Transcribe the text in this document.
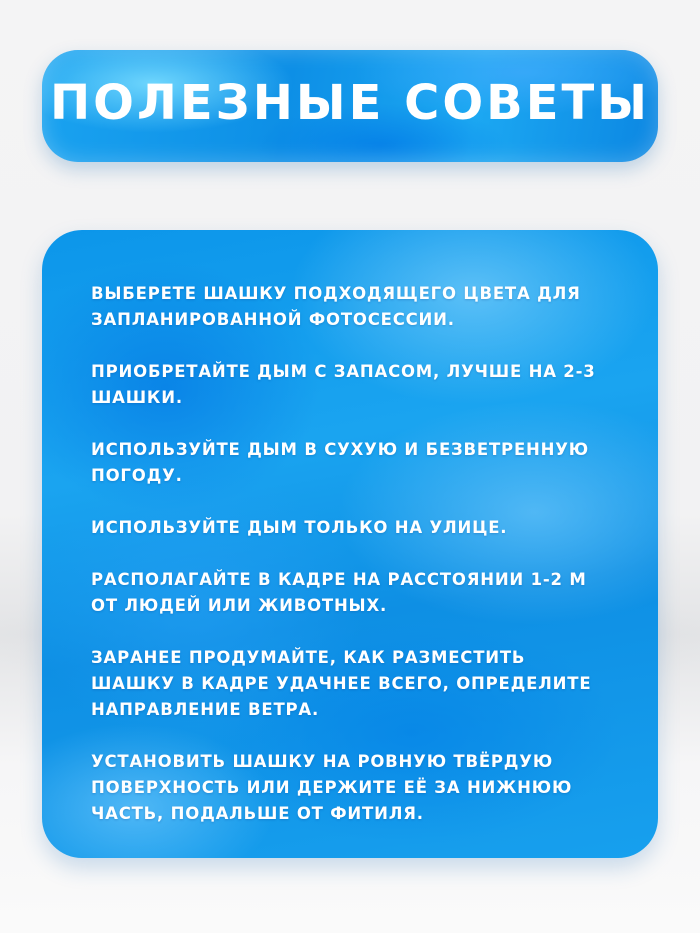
ПОЛЕЗНЫЕ СОВЕТЫ
ВЫБЕРЕТЕ ШАШКУ ПОДХОДЯЩЕГО ЦВЕТА ДЛЯ ЗАПЛАНИРОВАННОЙ ФОТОСЕССИИ.
ПРИОБРЕТАЙТЕ ДЫМ С ЗАПАСОМ, ЛУЧШЕ НА 2-3 ШАШКИ.
ИСПОЛЬЗУЙТЕ ДЫМ В СУХУЮ И БЕЗВЕТРЕННУЮ ПОГОДУ.
ИСПОЛЬЗУЙТЕ ДЫМ ТОЛЬКО НА УЛИЦЕ.
РАСПОЛАГАЙТЕ В КАДРЕ НА РАССТОЯНИИ 1-2 М ОТ ЛЮДЕЙ ИЛИ ЖИВОТНЫХ.
ЗАРАНЕЕ ПРОДУМАЙТЕ, КАК РАЗМЕСТИТЬ ШАШКУ В КАДРЕ УДАЧНЕЕ ВСЕГО, ОПРЕДЕЛИТЕ НАПРАВЛЕНИЕ ВЕТРА.
УСТАНОВИТЬ ШАШКУ НА РОВНУЮ ТВЁРДУЮ ПОВЕРХНОСТЬ ИЛИ ДЕРЖИТЕ ЕЁ ЗА НИЖНЮЮ ЧАСТЬ, ПОДАЛЬШЕ ОТ ФИТИЛЯ.
